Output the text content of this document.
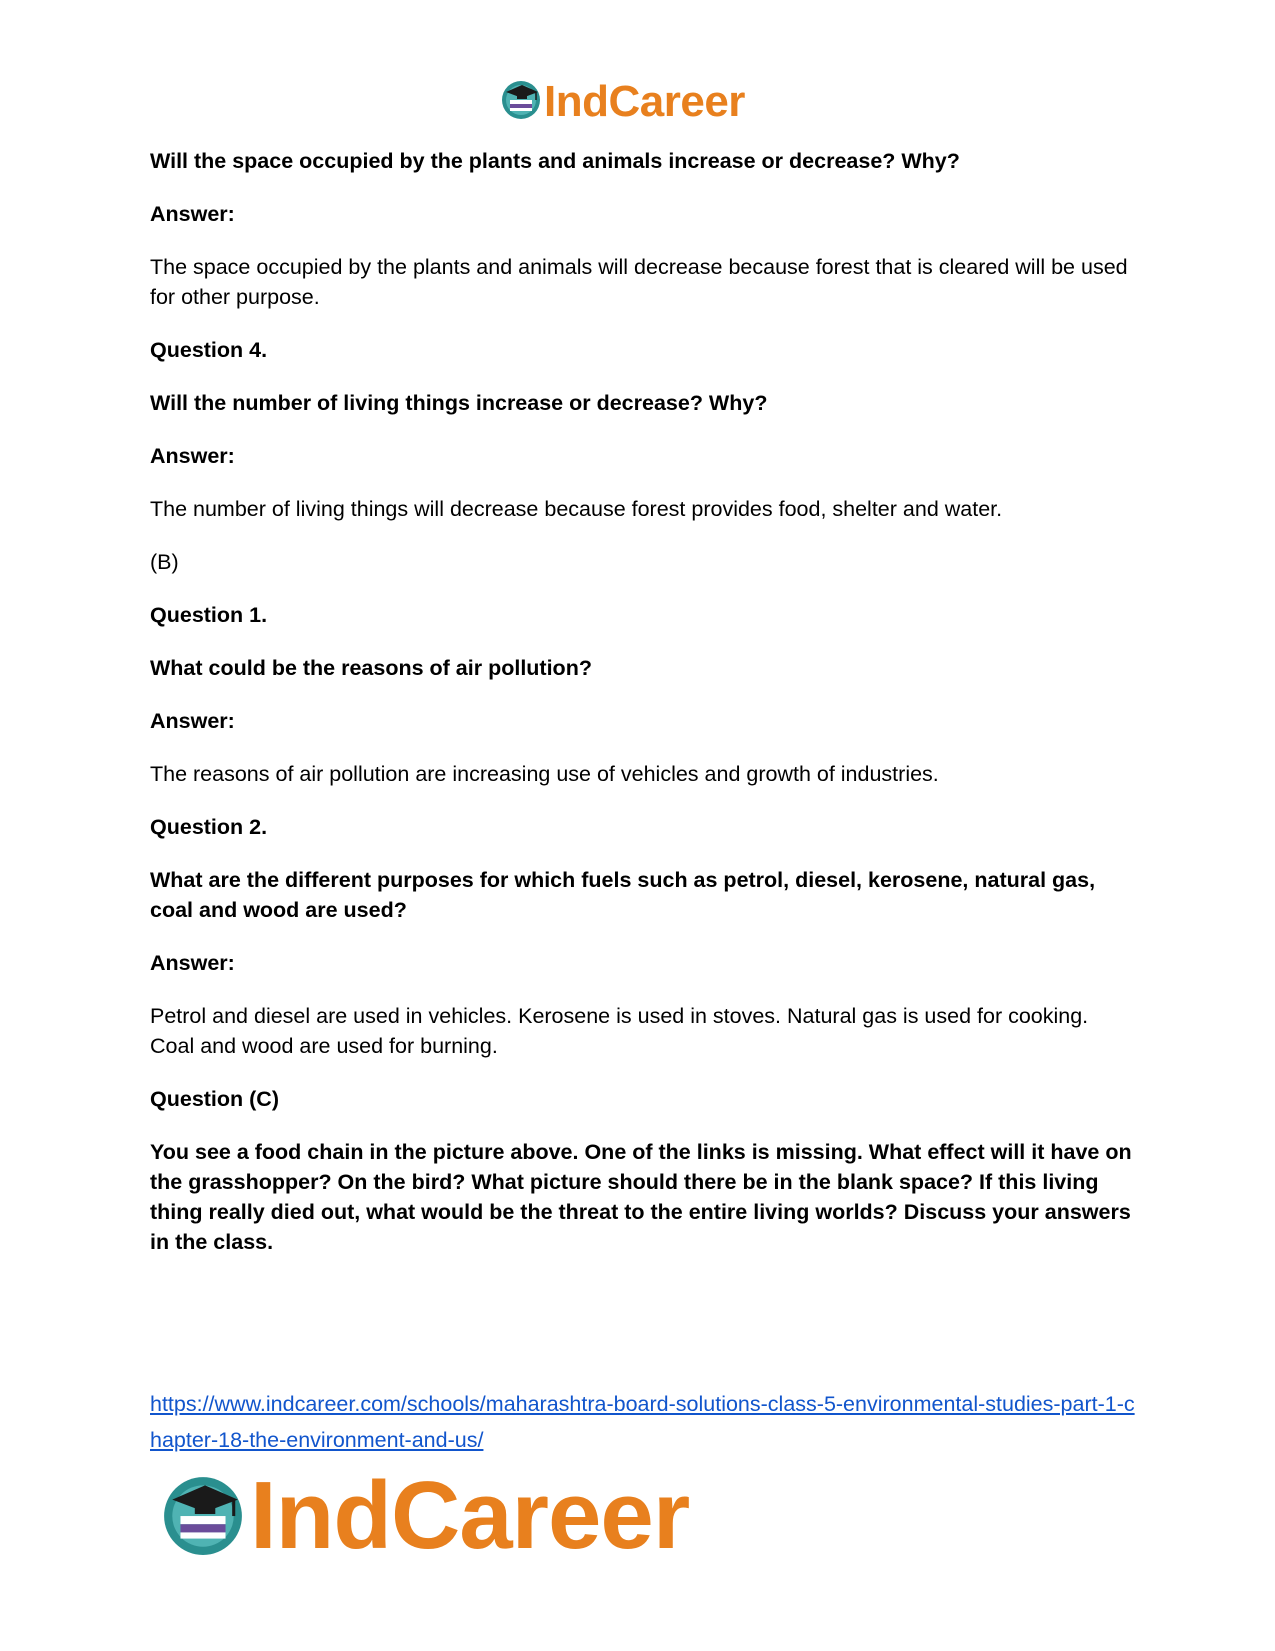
IndCareer

Will the space occupied by the plants and animals increase or decrease? Why?

Answer:

The space occupied by the plants and animals will decrease because forest that is cleared will be used for other purpose.

Question 4.

Will the number of living things increase or decrease? Why?

Answer:

The number of living things will decrease because forest provides food, shelter and water.

(B)

Question 1.

What could be the reasons of air pollution?

Answer:

The reasons of air pollution are increasing use of vehicles and growth of industries.

Question 2.

What are the different purposes for which fuels such as petrol, diesel, kerosene, natural gas, coal and wood are used?

Answer:

Petrol and diesel are used in vehicles. Kerosene is used in stoves. Natural gas is used for cooking. Coal and wood are used for burning.

Question (C)

You see a food chain in the picture above. One of the links is missing. What effect will it have on the grasshopper? On the bird? What picture should there be in the blank space? If this living thing really died out, what would be the threat to the entire living worlds? Discuss your answers in the class.

https://www.indcareer.com/schools/maharashtra-board-solutions-class-5-environmental-studies-part-1-chapter-18-the-environment-and-us/
IndCareer
